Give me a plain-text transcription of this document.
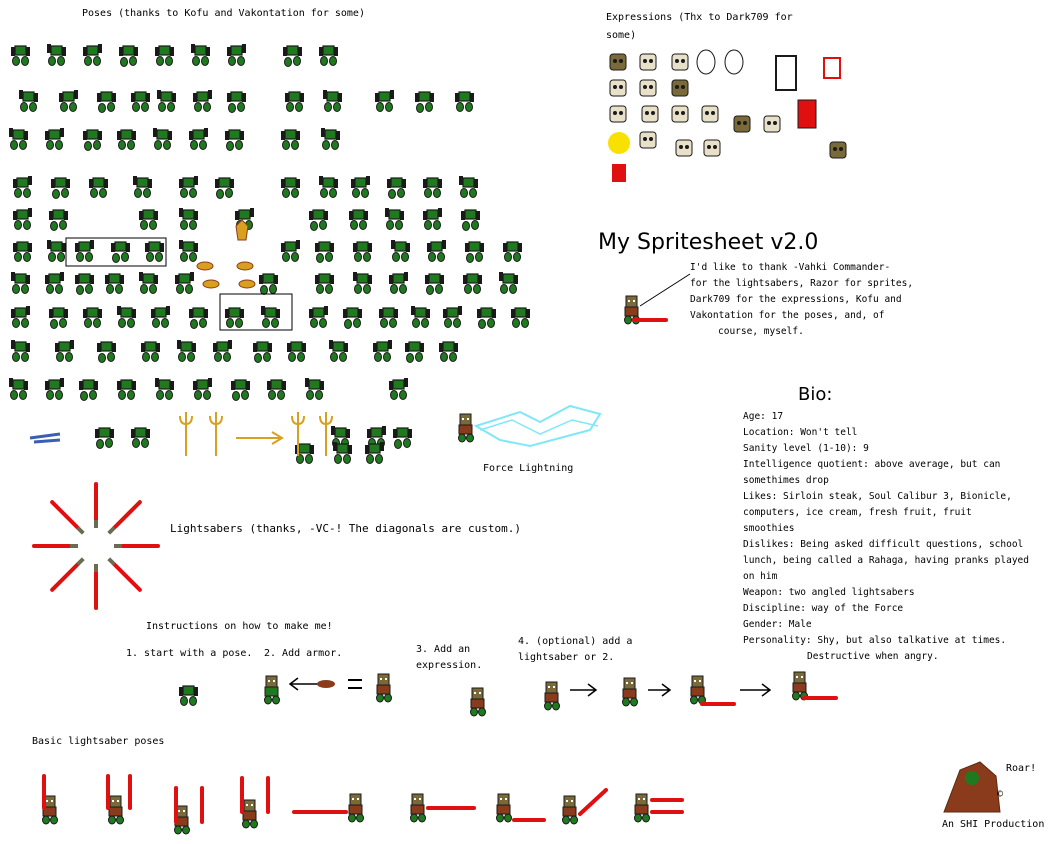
Poses (thanks to Kofu and Vakontation for some)	Expressions (Thx to Dark709 for
some)
My Spritesheet v2.0
I'd like to thank -Vahki Commander-
for the lightsabers, Razor for sprites,
Dark709 for the expressions, Kofu and
Vakontation for the poses, and, of
course, myself.
Bio:
Age: 17
Location: Won't tell
Sanity level (1-10): 9
Intelligence quotient: above average, but can
somethimes drop
Likes: Sirloin steak, Soul Calibur 3, Bionicle,
computers, ice cream, fresh fruit, fruit
smoothies
Dislikes: Being asked difficult questions, school
lunch, being called a Rahaga, having pranks played
on him
Weapon: two angled lightsabers
Discipline: way of the Force
Gender: Male
Personality: Shy, but also talkative at times.
Destructive when angry.
Force Lightning
Lightsabers (thanks, -VC-! The diagonals are custom.)
Instructions on how to make me!
1. start with a pose. 2. Add armor.	3. Add an
expression.
4. (optional) add a
lightsaber or 2.
Basic lightsaber poses
Roar!
©
An SHI Production
